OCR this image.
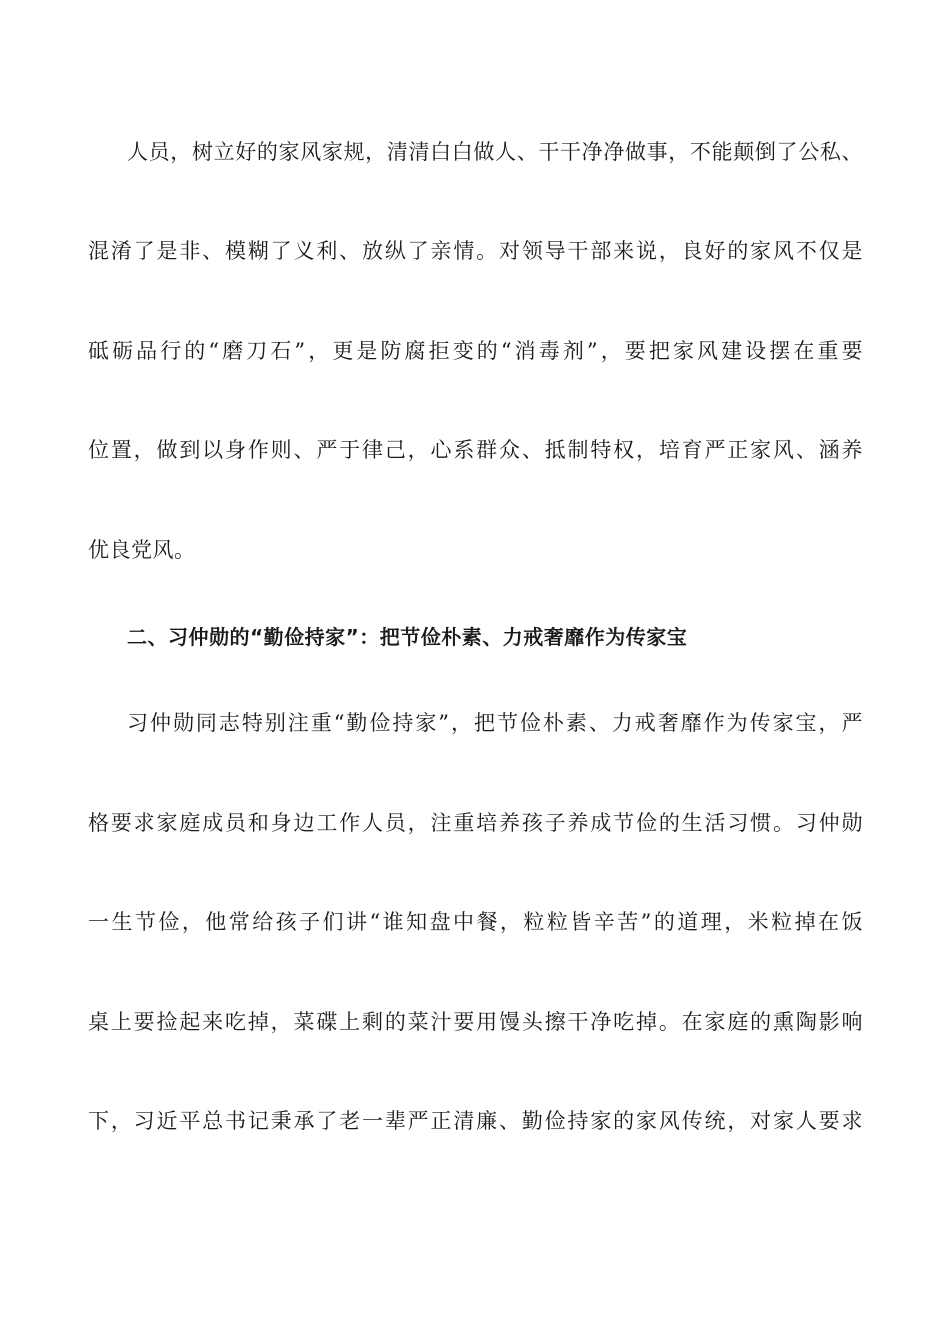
人员，树立好的家风家规，清清白白做人、干干净净做事，不能颠倒了公私、
混淆了是非、模糊了义利、放纵了亲情。对领导干部来说，良好的家风不仅是
砥砺品行的“磨刀石”，更是防腐拒变的“消毒剂”，要把家风建设摆在重要
位置，做到以身作则、严于律己，心系群众、抵制特权，培育严正家风、涵养
优良党风。
二、习仲勋的“勤俭持家”：把节俭朴素、力戒奢靡作为传家宝
习仲勋同志特别注重“勤俭持家”，把节俭朴素、力戒奢靡作为传家宝，严
格要求家庭成员和身边工作人员，注重培养孩子养成节俭的生活习惯。习仲勋
一生节俭，他常给孩子们讲“谁知盘中餐，粒粒皆辛苦”的道理，米粒掉在饭
桌上要捡起来吃掉，菜碟上剩的菜汁要用馒头擦干净吃掉。在家庭的熏陶影响
下，习近平总书记秉承了老一辈严正清廉、勤俭持家的家风传统，对家人要求
